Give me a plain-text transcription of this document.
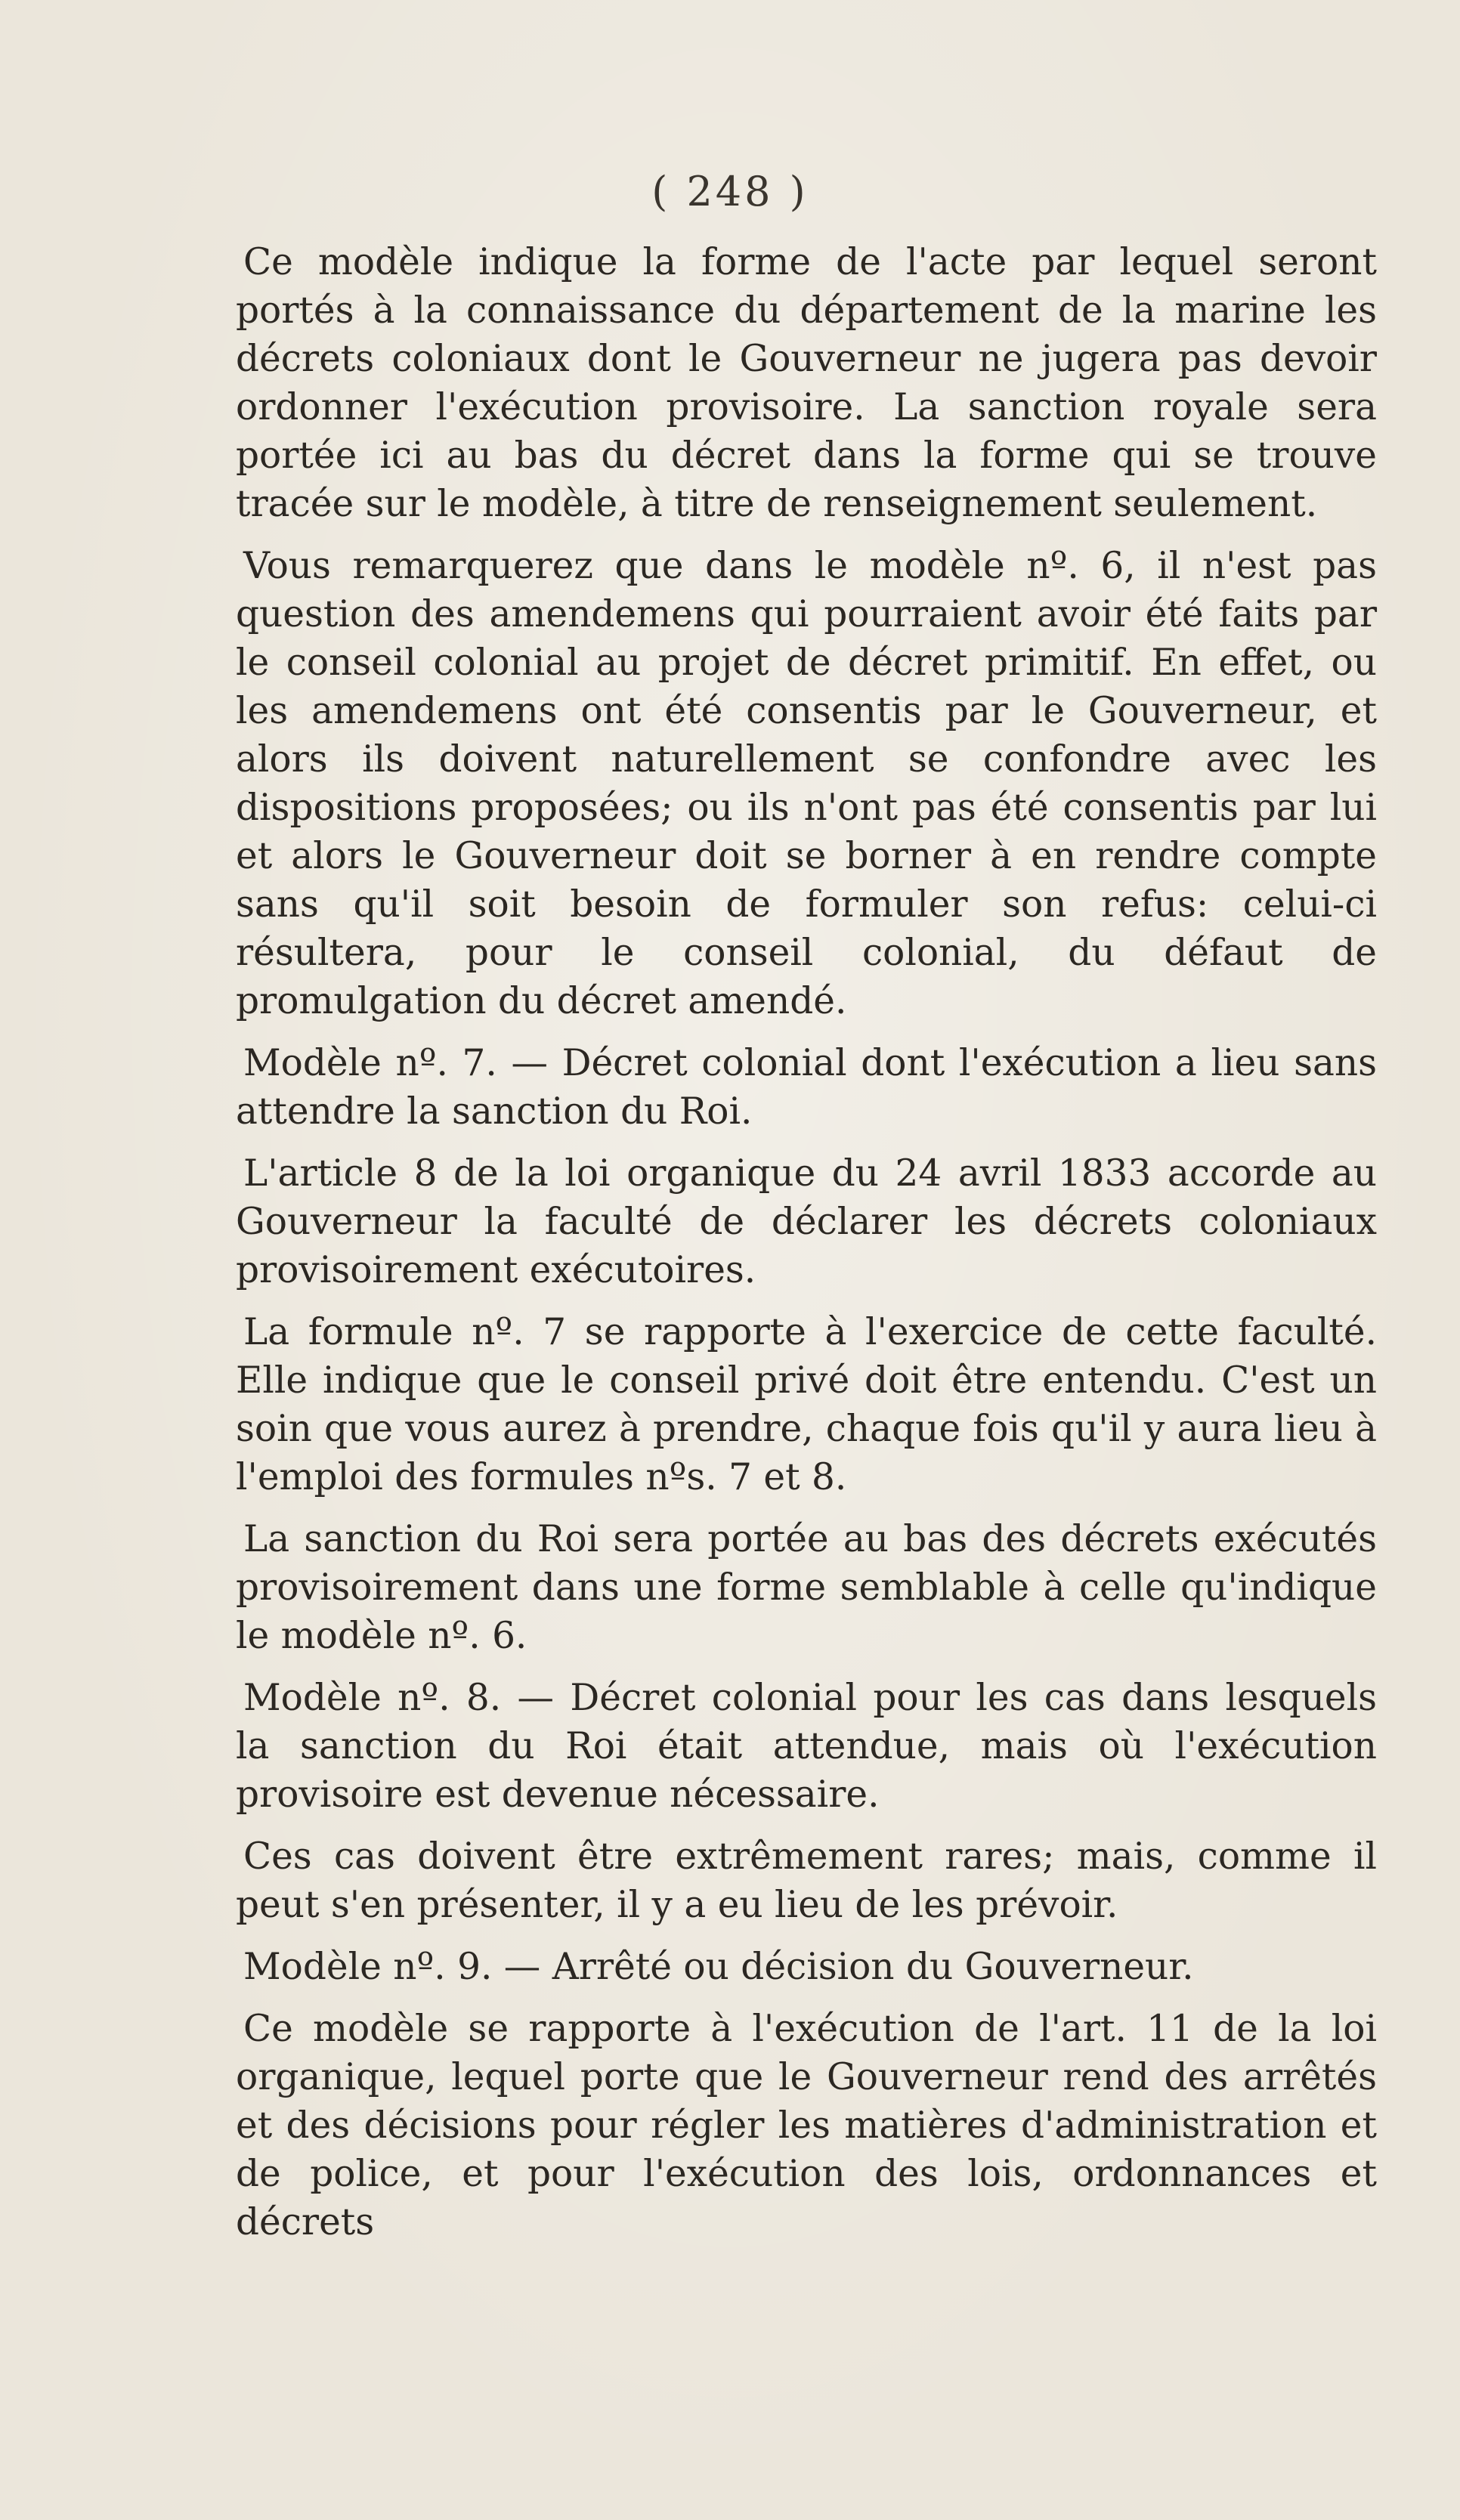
( 248 )

Ce modèle indique la forme de l'acte par lequel seront portés à la connaissance du département de la marine les décrets coloniaux dont le Gouverneur ne jugera pas devoir ordonner l'exécution provisoire. La sanction royale sera portée ici au bas du décret dans la forme qui se trouve tracée sur le modèle, à titre de renseignement seulement.

Vous remarquerez que dans le modèle nº. 6, il n'est pas question des amendemens qui pourraient avoir été faits par le conseil colonial au projet de décret primitif. En effet, ou les amendemens ont été consentis par le Gouverneur, et alors ils doivent naturellement se confondre avec les dispositions proposées; ou ils n'ont pas été consentis par lui et alors le Gouverneur doit se borner à en rendre compte sans qu'il soit besoin de formuler son refus: celui-ci résultera, pour le conseil colonial, du défaut de promulgation du décret amendé.

Modèle nº. 7. — Décret colonial dont l'exécution a lieu sans attendre la sanction du Roi.

L'article 8 de la loi organique du 24 avril 1833 accorde au Gouverneur la faculté de déclarer les décrets coloniaux provisoirement exécutoires.

La formule nº. 7 se rapporte à l'exercice de cette faculté. Elle indique que le conseil privé doit être entendu. C'est un soin que vous aurez à prendre, chaque fois qu'il y aura lieu à l'emploi des formules nºs. 7 et 8.

La sanction du Roi sera portée au bas des décrets exécutés provisoirement dans une forme semblable à celle qu'indique le modèle nº. 6.

Modèle nº. 8. — Décret colonial pour les cas dans lesquels la sanction du Roi était attendue, mais où l'exécution provisoire est devenue nécessaire.

Ces cas doivent être extrêmement rares; mais, comme il peut s'en présenter, il y a eu lieu de les prévoir.

Modèle nº. 9. — Arrêté ou décision du Gouverneur.

Ce modèle se rapporte à l'exécution de l'art. 11 de la loi organique, lequel porte que le Gouverneur rend des arrêtés et des décisions pour régler les matières d'administration et de police, et pour l'exécution des lois, ordonnances et décrets
